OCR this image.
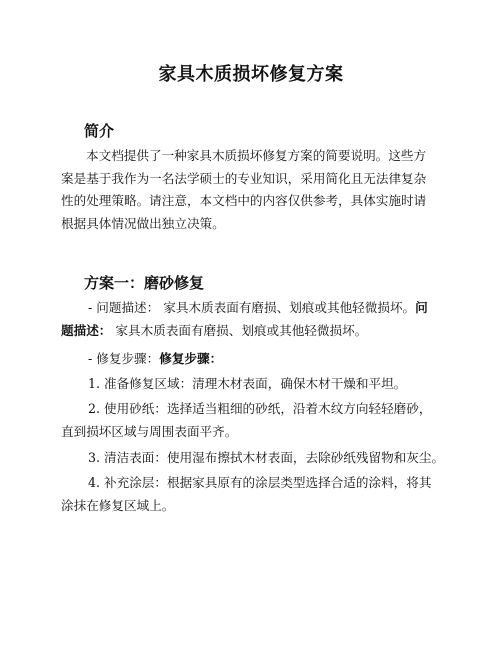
家具木质损坏修复方案
简介
本文档提供了一种家具木质损坏修复方案的简要说明。这些方
案是基于我作为一名法学硕士的专业知识，采用简化且无法律复杂
性的处理策略。请注意，本文档中的内容仅供参考，具体实施时请
根据具体情况做出独立决策。
方案一：磨砂修复
- 问题描述： 家具木质表面有磨损、划痕或其他轻微损坏。问
题描述： 家具木质表面有磨损、划痕或其他轻微损坏。
- 修复步骤：修复步骤：
1. 准备修复区域：清理木材表面，确保木材干燥和平坦。
2. 使用砂纸：选择适当粗细的砂纸，沿着木纹方向轻轻磨砂，
直到损坏区域与周围表面平齐。
3. 清洁表面：使用湿布擦拭木材表面，去除砂纸残留物和灰尘。
4. 补充涂层：根据家具原有的涂层类型选择合适的涂料，将其
涂抹在修复区域上。
